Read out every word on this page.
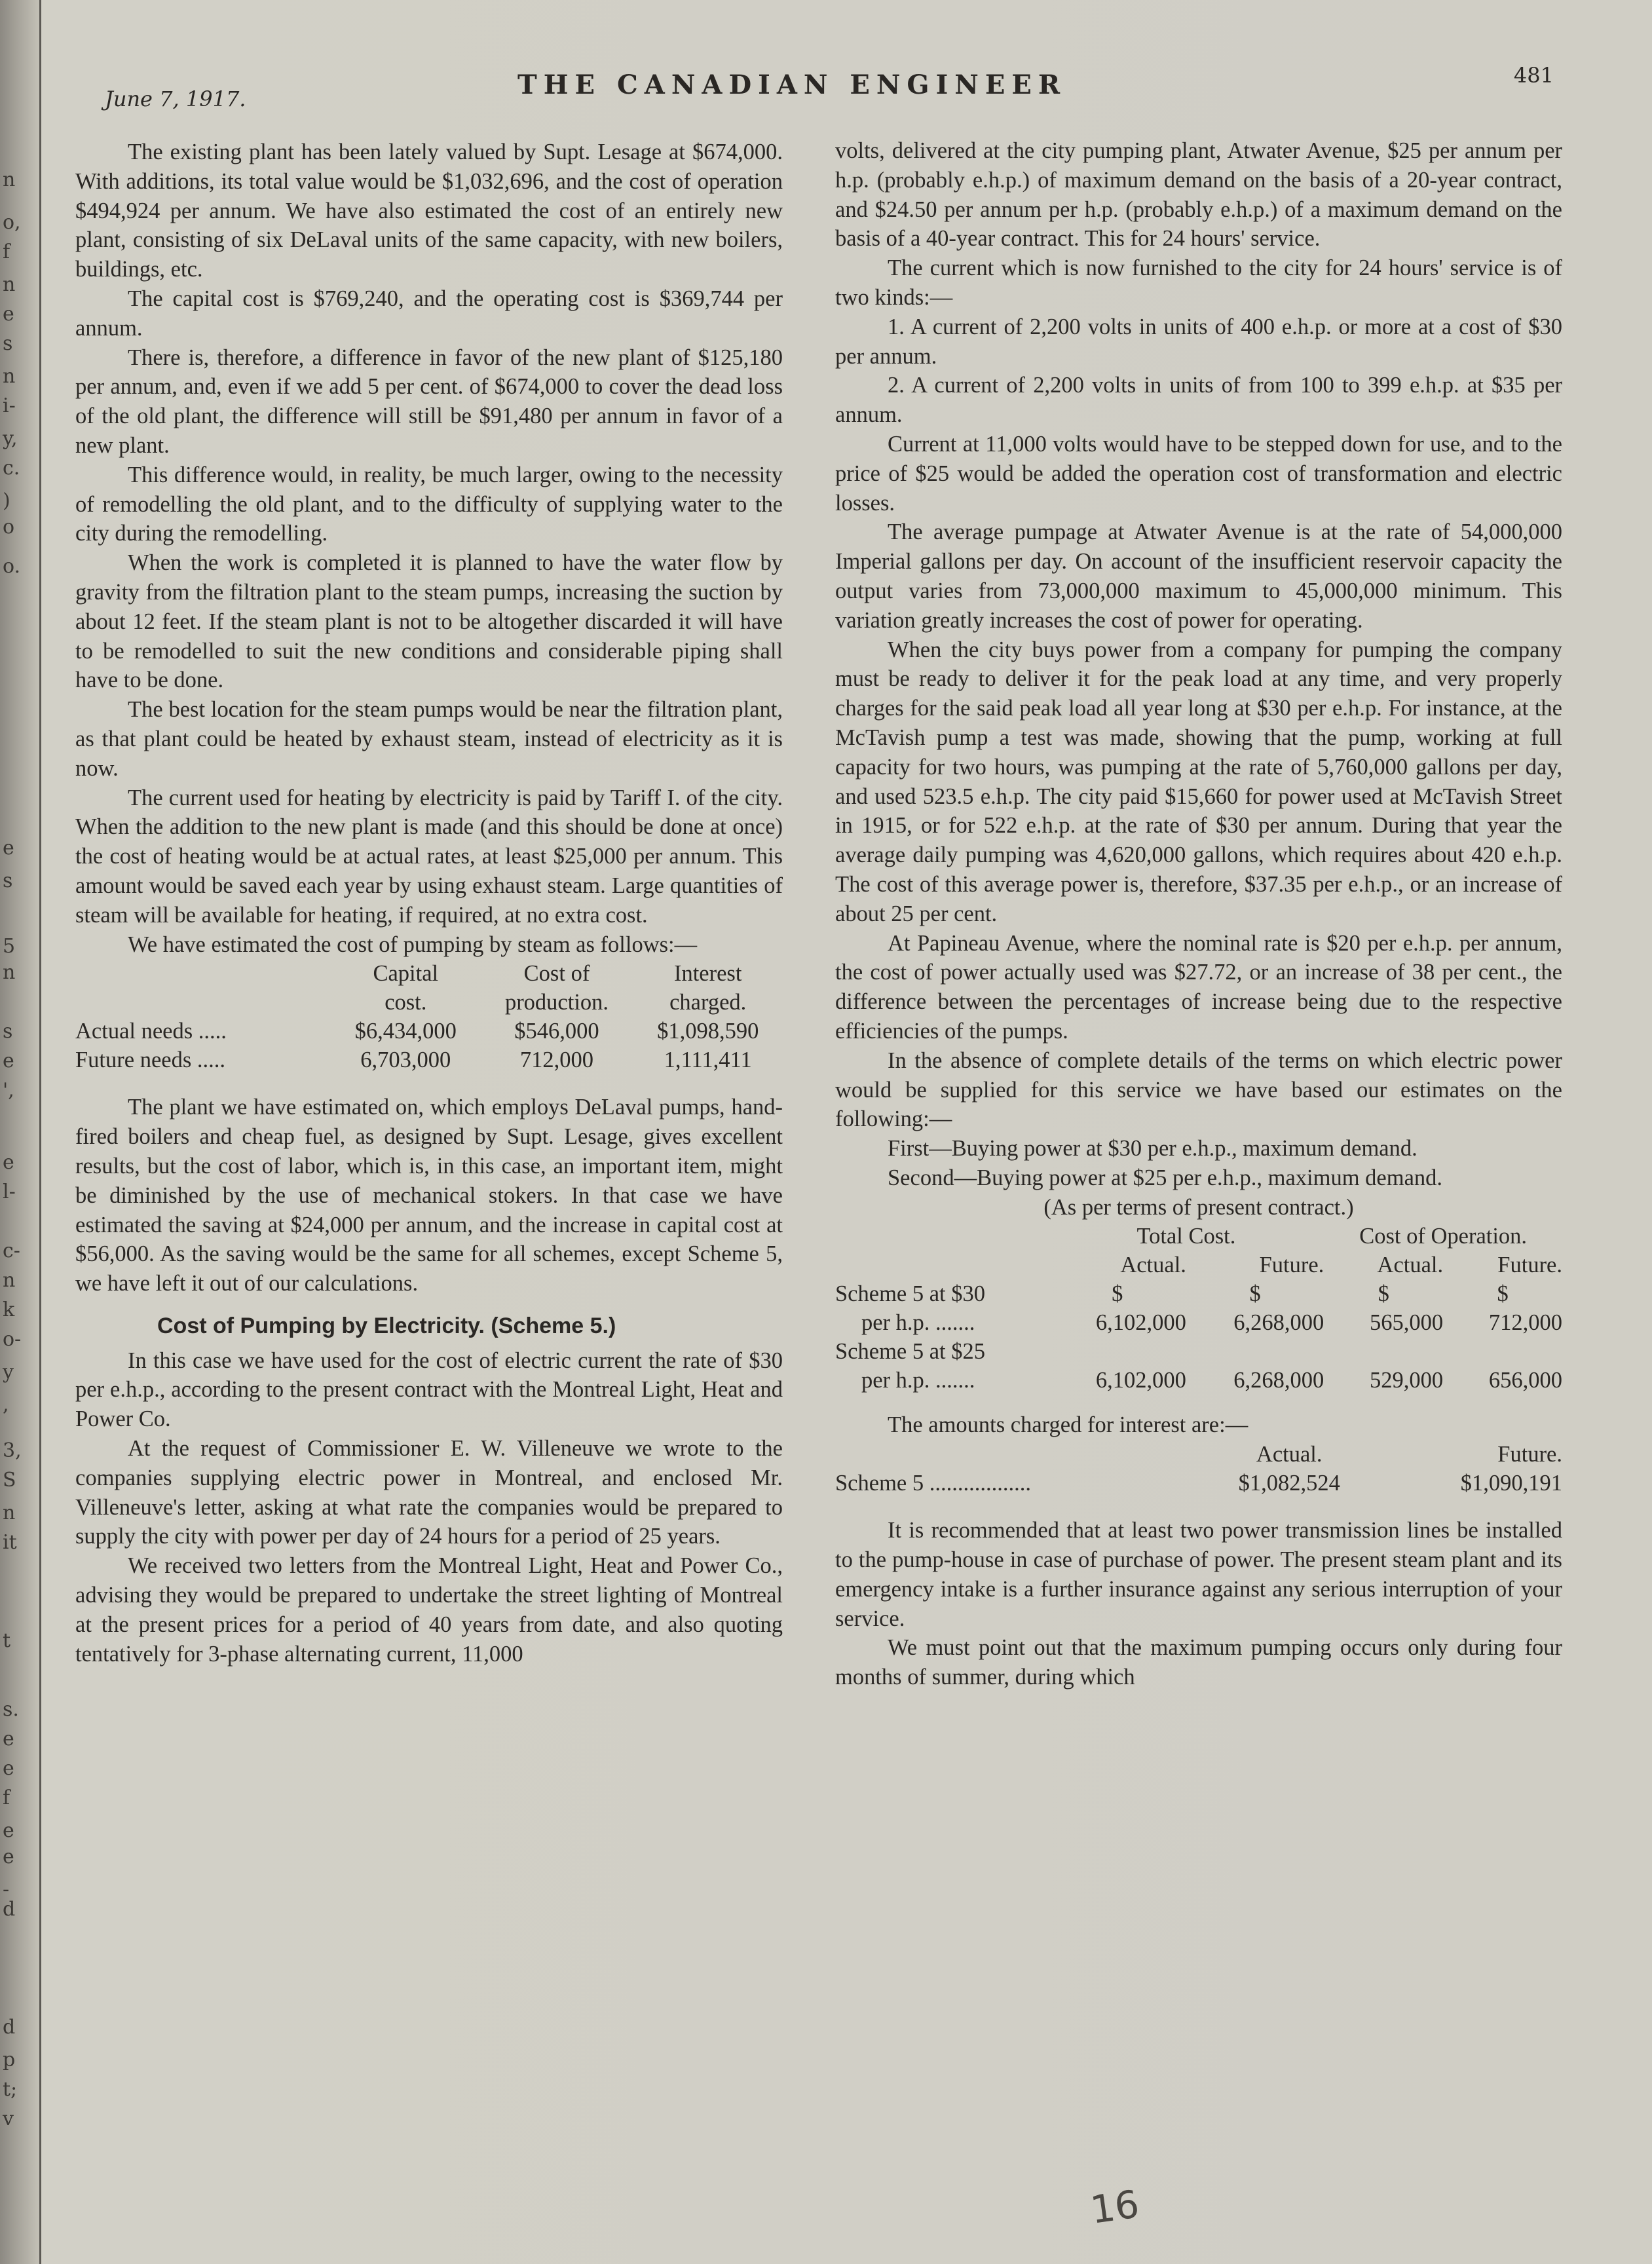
n
o,
f
n
e
s
n
i-
y,
c.
)
o
o.
e
s
5
n
s
e
',
e
l-
c-
n
k
o-
y
,
3,
S
n
it
t
s.
e
e
f
e
e
-d
d
p
t;
v
June 7, 1917.	THE CANADIAN ENGINEER	481

The existing plant has been lately valued by Supt. Lesage at $674,000. With additions, its total value would be $1,032,696, and the cost of operation $494,924 per annum. We have also estimated the cost of an entirely new plant, consisting of six DeLaval units of the same capacity, with new boilers, buildings, etc.

The capital cost is $769,240, and the operating cost is $369,744 per annum.

There is, therefore, a difference in favor of the new plant of $125,180 per annum, and, even if we add 5 per cent. of $674,000 to cover the dead loss of the old plant, the difference will still be $91,480 per annum in favor of a new plant.

This difference would, in reality, be much larger, owing to the necessity of remodelling the old plant, and to the difficulty of supplying water to the city during the remodelling.

When the work is completed it is planned to have the water flow by gravity from the filtration plant to the steam pumps, increasing the suction by about 12 feet. If the steam plant is not to be altogether discarded it will have to be remodelled to suit the new conditions and considerable piping shall have to be done.

The best location for the steam pumps would be near the filtration plant, as that plant could be heated by exhaust steam, instead of electricity as it is now.

The current used for heating by electricity is paid by Tariff I. of the city. When the addition to the new plant is made (and this should be done at once) the cost of heating would be at actual rates, at least $25,000 per annum. This amount would be saved each year by using exhaust steam. Large quantities of steam will be available for heating, if required, at no extra cost.

We have estimated the cost of pumping by steam as follows:—

	Capital	Cost of	Interest
	cost.	production.	charged.
Actual needs .....	$6,434,000	$546,000	$1,098,590
Future needs .....	6,703,000	712,000	1,111,411

The plant we have estimated on, which employs DeLaval pumps, hand-fired boilers and cheap fuel, as designed by Supt. Lesage, gives excellent results, but the cost of labor, which is, in this case, an important item, might be diminished by the use of mechanical stokers. In that case we have estimated the saving at $24,000 per annum, and the increase in capital cost at $56,000. As the saving would be the same for all schemes, except Scheme 5, we have left it out of our calculations.

Cost of Pumping by Electricity. (Scheme 5.)

In this case we have used for the cost of electric current the rate of $30 per e.h.p., according to the present contract with the Montreal Light, Heat and Power Co.

At the request of Commissioner E. W. Villeneuve we wrote to the companies supplying electric power in Montreal, and enclosed Mr. Villeneuve's letter, asking at what rate the companies would be prepared to supply the city with power per day of 24 hours for a period of 25 years.

We received two letters from the Montreal Light, Heat and Power Co., advising they would be prepared to undertake the street lighting of Montreal at the present prices for a period of 40 years from date, and also quoting tentatively for 3-phase alternating current, 11,000

volts, delivered at the city pumping plant, Atwater Avenue, $25 per annum per h.p. (probably e.h.p.) of maximum demand on the basis of a 20-year contract, and $24.50 per annum per h.p. (probably e.h.p.) of a maximum demand on the basis of a 40-year contract. This for 24 hours' service.

The current which is now furnished to the city for 24 hours' service is of two kinds:—

1. A current of 2,200 volts in units of 400 e.h.p. or more at a cost of $30 per annum.

2. A current of 2,200 volts in units of from 100 to 399 e.h.p. at $35 per annum.

Current at 11,000 volts would have to be stepped down for use, and to the price of $25 would be added the operation cost of transformation and electric losses.

The average pumpage at Atwater Avenue is at the rate of 54,000,000 Imperial gallons per day. On account of the insufficient reservoir capacity the output varies from 73,000,000 maximum to 45,000,000 minimum. This variation greatly increases the cost of power for operating.

When the city buys power from a company for pumping the company must be ready to deliver it for the peak load at any time, and very properly charges for the said peak load all year long at $30 per e.h.p. For instance, at the McTavish pump a test was made, showing that the pump, working at full capacity for two hours, was pumping at the rate of 5,760,000 gallons per day, and used 523.5 e.h.p. The city paid $15,660 for power used at McTavish Street in 1915, or for 522 e.h.p. at the rate of $30 per annum. During that year the average daily pumping was 4,620,000 gallons, which requires about 420 e.h.p. The cost of this average power is, therefore, $37.35 per e.h.p., or an increase of about 25 per cent.

At Papineau Avenue, where the nominal rate is $20 per e.h.p. per annum, the cost of power actually used was $27.72, or an increase of 38 per cent., the difference between the percentages of increase being due to the respective efficiencies of the pumps.

In the absence of complete details of the terms on which electric power would be supplied for this service we have based our estimates on the following:—

First—Buying power at $30 per e.h.p., maximum demand.

Second—Buying power at $25 per e.h.p., maximum demand.

(As per terms of present contract.)

	Total Cost.		Cost of Operation.	
	Actual.	Future.	Actual.	Future.
Scheme 5 at $30	$	$	$	$
per h.p. .......	6,102,000	6,268,000	565,000	712,000
Scheme 5 at $25				
per h.p. .......	6,102,000	6,268,000	529,000	656,000

The amounts charged for interest are:—

	Actual.	Future.
Scheme 5 ..................	$1,082,524	$1,090,191

It is recommended that at least two power transmission lines be installed to the pump-house in case of purchase of power. The present steam plant and its emergency intake is a further insurance against any serious interruption of your service.

We must point out that the maximum pumping occurs only during four months of summer, during which

16
